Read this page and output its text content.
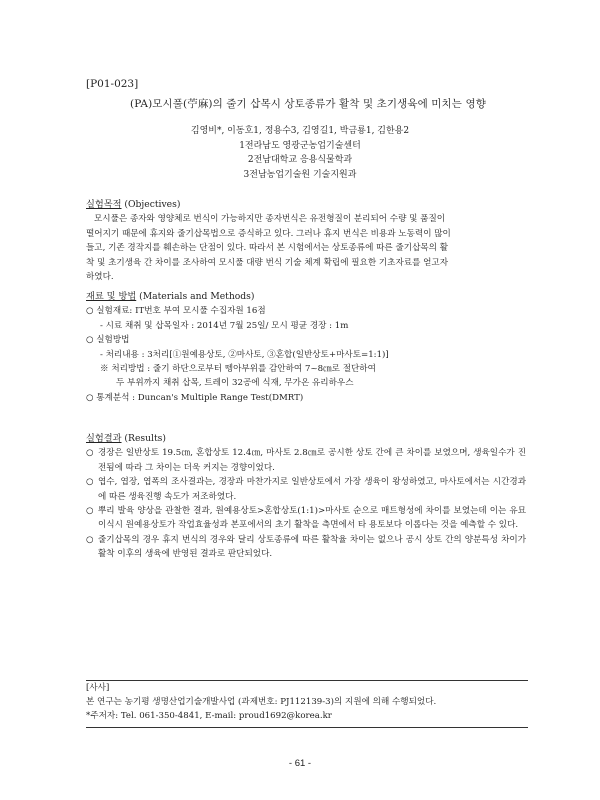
[P01-023]
(PA)모시풀(苧麻)의 줄기 삽목시 상토종류가 활착 및 초기생육에 미치는 영향
김영비*, 이동호1, 정용수3, 김영길1, 박금룡1, 김한용2
1전라남도 영광군농업기술센터
2전남대학교 응용식물학과
3전남농업기술원 기술지원과
실험목적 (Objectives)
모시풀은 종자와 영양체로 번식이 가능하지만 종자번식은 유전형질이 분리되어 수량 및 품질이
떨어지기 때문에 휴지와 줄기삽목법으로 증식하고 있다. 그러나 휴지 번식은 비용과 노동력이 많이
들고, 기존 경작지를 훼손하는 단점이 있다. 따라서 본 시험에서는 상토종류에 따른 줄기삽목의 활
착 및 초기생육 간 차이를 조사하여 모시풀 대량 번식 기술 체계 확립에 필요한 기초자료를 얻고자
하였다.
재료 및 방법 (Materials and Methods)
○ 실험재료: IT번호 부여 모시풀 수집자원 16점
- 시료 채취 및 삽목일자 : 2014년 7월 25일/ 모시 평균 경장 : 1m
○ 실험방법
- 처리내용 : 3처리[①원예용상토, ②마사토, ③혼합(일반상토+마사토=1:1)]
※ 처리방법 : 줄기 하단으로부터 뗑아부위를 감안하여 7~8㎝로 절단하여
두 부위까지 채취 삽목, 트레이 32공에 식재, 무가온 유리하우스
○ 통계분석 : Duncan's Multiple Range Test(DMRT)
실험결과 (Results)
○ 경장은 일반상토 19.5㎝, 혼합상토 12.4㎝, 마사토 2.8㎝로 공시한 상토 간에 큰 차이를 보였으며, 생육일수가 진전됨에 따라 그 차이는 더욱 커지는 경향이었다.
○ 엽수, 엽장, 엽폭의 조사결과는, 경장과 마찬가지로 일반상토에서 가장 생육이 왕성하였고, 마사토에서는 시간경과에 따른 생육진행 속도가 저조하였다.
○ 뿌리 발육 양상을 관찰한 결과, 원예용상토>혼합상토(1:1)>마사토 순으로 매트형성에 차이를 보였는데 이는 유묘 이식시 원예용상토가 작업효율성과 본포에서의 초기 활착을 측면에서 타 용토보다 이롭다는 것을 예측할 수 있다.
○ 줄기삽목의 경우 휴지 번식의 경우와 달리 상토종류에 따른 활착율 차이는 없으나 공시 상토 간의 양분특성 차이가 활착 이후의 생육에 반영된 결과로 판단되었다.
[사사]
본 연구는 농기평 생명산업기술개발사업 (과제번호: PJ112139-3)의 지원에 의해 수행되었다.
*주저자: Tel. 061-350-4841, E-mail: proud1692@korea.kr
- 61 -
